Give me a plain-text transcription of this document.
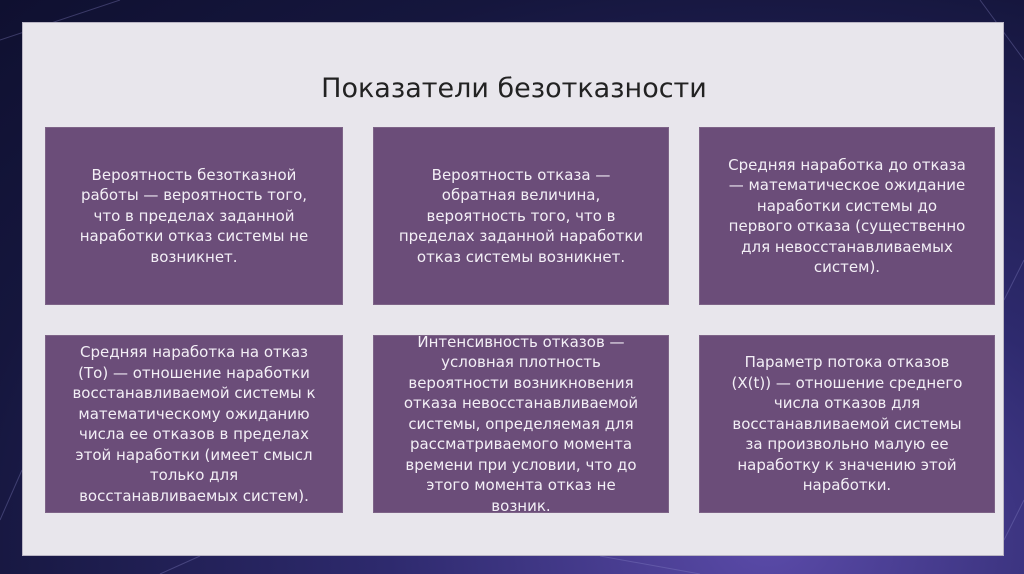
Показатели безотказности
Вероятность безотказной
работы — вероятность того,
что в пределах заданной
наработки отказ системы не
возникнет.
Вероятность отказа —
обратная величина,
вероятность того, что в
пределах заданной наработки
отказ системы возникнет.
Средняя наработка до отказа
— математическое ожидание
наработки системы до
первого отказа (существенно
для невосстанавливаемых
систем).
Средняя наработка на отказ
(То) — отношение наработки
восстанавливаемой системы к
математическому ожиданию
числа ее отказов в пределах
этой наработки (имеет смысл
только для
восстанавливаемых систем).
Интенсивность отказов —
условная плотность
вероятности возникновения
отказа невосстанавливаемой
системы, определяемая для
рассматриваемого момента
времени при условии, что до
этого момента отказ не
возник.
Параметр потока отказов
(Χ(t)) — отношение среднего
числа отказов для
восстанавливаемой системы
за произвольно малую ее
наработку к значению этой
наработки.
